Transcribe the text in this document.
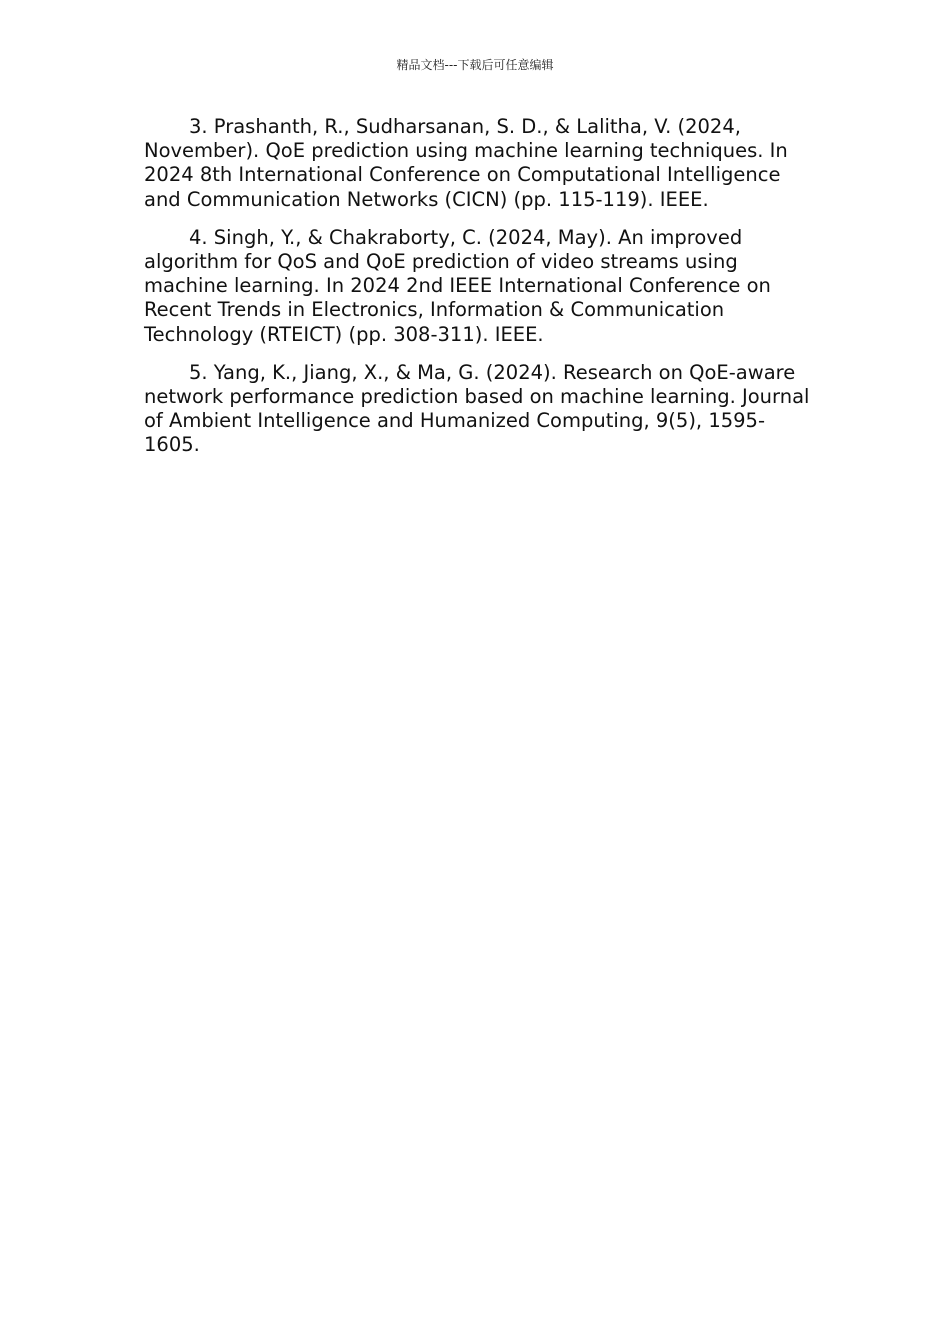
精品文档---下载后可任意编辑

3. Prashanth, R., Sudharsanan, S. D., & Lalitha, V. (2024, November). QoE prediction using machine learning techniques. In 2024 8th International Conference on Computational Intelligence and Communication Networks (CICN) (pp. 115-119). IEEE.

4. Singh, Y., & Chakraborty, C. (2024, May). An improved algorithm for QoS and QoE prediction of video streams using machine learning. In 2024 2nd IEEE International Conference on Recent Trends in Electronics, Information & Communication Technology (RTEICT) (pp. 308-311). IEEE.

5. Yang, K., Jiang, X., & Ma, G. (2024). Research on QoE-aware network performance prediction based on machine learning. Journal of Ambient Intelligence and Humanized Computing, 9(5), 1595-1605.
